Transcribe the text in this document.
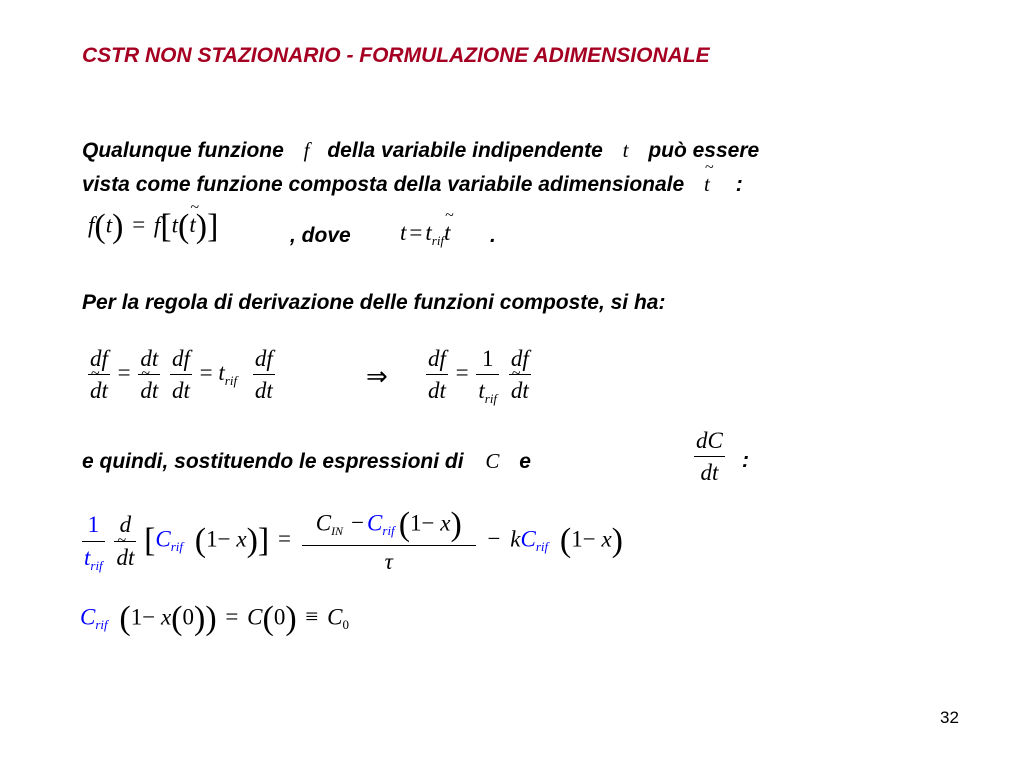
CSTR NON STAZIONARIO - FORMULAZIONE ADIMENSIONALE
Qualunque funzione f della variabile indipendente t può essere
vista come funzione composta della variabile adimensionale t ~ :
f(t) = f[t(t ~)]	, dove $t = t_{rif}t$ ~ .
Per la regola di derivazione delle funzioni composte, si ha:
$\frac{df}{dt}$ ~ = $\frac{dt}{dt}$ ~
$\frac{df}{dt} = t_{rif} \frac{df}{dt}$	⇒ $\frac{df}{dt} = \frac{1}{t_{rif}}$
$\frac{df}{dt}$ ~
e quindi, sostituendo le espressioni di C e	$\frac{dC}{dt}$ :
$\frac{1}{t_{rif}}$
$\frac{d}{dt}$ ~ [$C_{rif}$ $(1- x)] = \frac{C_{IN} - C_{rif} (1- x)}{\tau} - kC_{rif}$ (1− x)
$C_{rif}$ $(1- x(0)) = C(0) \equiv C_0$
32
